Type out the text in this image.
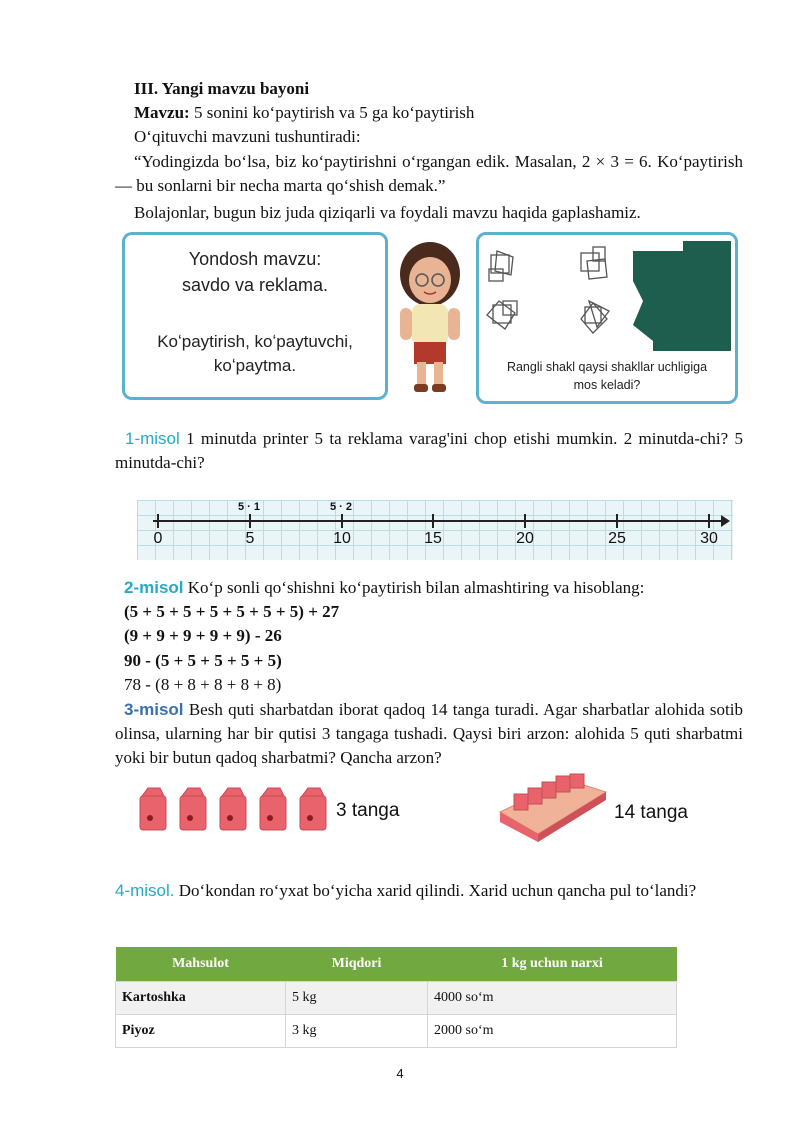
III. Yangi mavzu bayoni
Mavzu: 5 sonini koʻpaytirish va 5 ga koʻpaytirish
Oʻqituvchi mavzuni tushuntiradi:
“Yodingizda boʻlsa, biz koʻpaytirishni oʻrgangan edik. Masalan, 2 × 3 = 6. Koʻpaytirish — bu sonlarni bir necha marta qoʻshish demak.”
Bolajonlar, bugun biz juda qiziqarli va foydali mavzu haqida gaplashamiz.
Yondosh mavzu:
savdo va reklama.
Koʻpaytirish, koʻpaytuvchi,
koʻpaytma.	Rangli shakl qaysi shakllar uchligiga
mos keladi?
1-misol 1 minutda printer 5 ta reklama varag'ini chop etishi mumkin. 2 minutda-chi? 5 minutda-chi?
5 · 1	5 · 2
0	5	10	15	20	25	30
2-misol Koʻp sonli qoʻshishni koʻpaytirish bilan almashtiring va hisoblang:
(5 + 5 + 5 + 5 + 5 + 5 + 5) + 27
(9 + 9 + 9 + 9 + 9) - 26
90 - (5 + 5 + 5 + 5 + 5)
78 - (8 + 8 + 8 + 8 + 8)
3-misol Besh quti sharbatdan iborat qadoq 14 tanga turadi. Agar sharbatlar alohida sotib olinsa, ularning har bir qutisi 3 tangaga tushadi. Qaysi biri arzon: alohida 5 quti sharbatmi yoki bir butun qadoq sharbatmi? Qancha arzon?
3 tanga	14 tanga
4-misol. Doʻkondan roʻyxat boʻyicha xarid qilindi. Xarid uchun qancha pul toʻlandi?
Mahsulot	Miqdori	1 kg uchun narxi
Kartoshka	5 kg	4000 soʻm
Piyoz	3 kg	2000 soʻm
4
